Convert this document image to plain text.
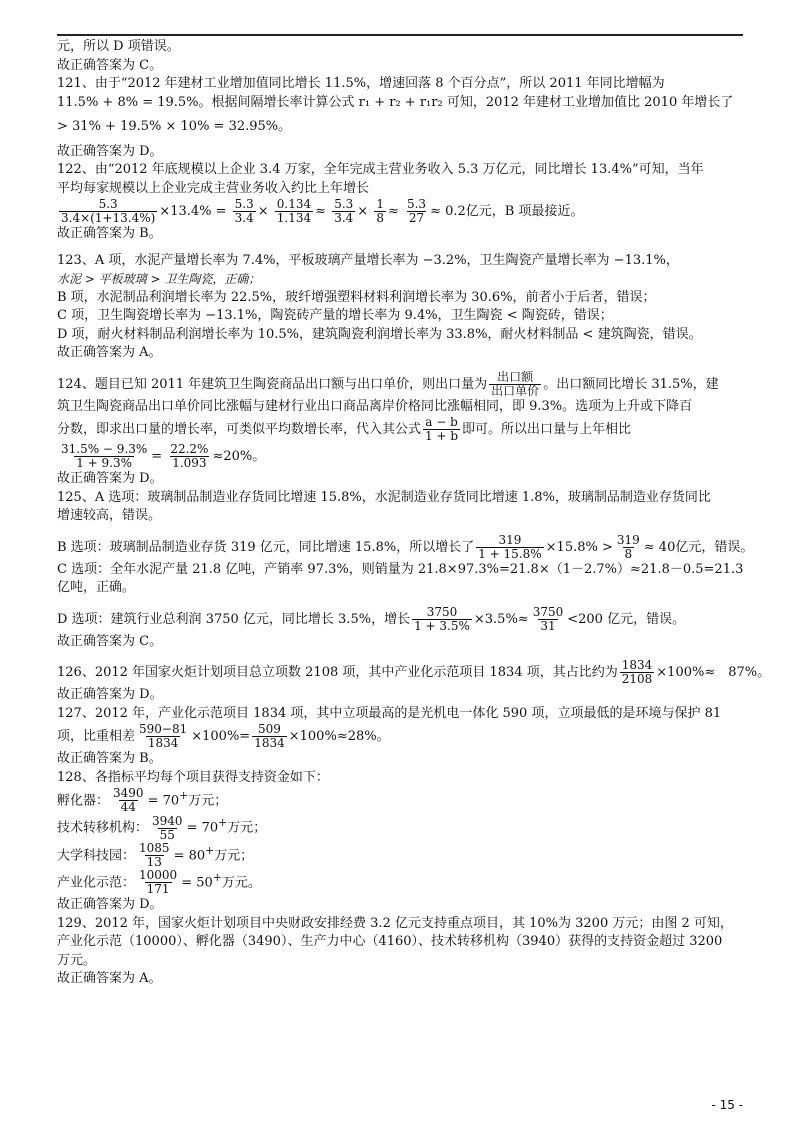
元，所以 D 项错误。

故正确答案为 C。

121、由于“2012 年建材工业增加值同比增长 11.5%，增速回落 8 个百分点”，所以 2011 年同比增幅为

11.5% + 8% = 19.5%。根据间隔增长率计算公式 r₁ + r₂ + r₁r₂ 可知，2012 年建材工业增加值比 2010 年增长了

> 31% + 19.5% × 10% = 32.95%。

故正确答案为 D。

122、由“2012 年底规模以上企业 3.4 万家，全年完成主营业务收入 5.3 万亿元，同比增长 13.4%”可知，当年

平均每家规模以上企业完成主营业务收入约比上年增长

$\frac{5.3}{3.4\times(1+13.4\%)} \times 13.4\% = \frac{5.3}{3.4} \times \frac{0.134}{1.134} \approx \frac{5.3}{3.4} \times \frac{1}{8} \approx \frac{5.3}{27} \approx 0.2$亿元，B 项最接近。

故正确答案为 B。

123、A 项，水泥产量增长率为 7.4%，平板玻璃产量增长率为 −3.2%，卫生陶瓷产量增长率为 −13.1%，

水泥 > 平板玻璃 > 卫生陶瓷，正确；

B 项，水泥制品利润增长率为 22.5%，玻纤增强塑料材料利润增长率为 30.6%，前者小于后者，错误；

C 项，卫生陶瓷增长率为 −13.1%，陶瓷砖产量的增长率为 9.4%，卫生陶瓷 < 陶瓷砖，错误；

D 项，耐火材料制品利润增长率为 10.5%，建筑陶瓷利润增长率为 33.8%，耐火材料制品 < 建筑陶瓷，错误。

故正确答案为 A。

124、题目已知 2011 年建筑卫生陶瓷商品出口额与出口单价，则出口量为 $\frac{\text{出口额}}{\text{出口单价}}$ 。出口额同比增长 31.5%，建

筑卫生陶瓷商品出口单价同比涨幅与建材行业出口商品离岸价格同比涨幅相同，即 9.3%。选项为上升或下降百

分数，即求出口量的增长率，可类似平均数增长率，代入其公式 $\frac{a - b}{1 + b}$ 即可。所以出口量与上年相比

$\frac{31.5\% - 9.3\%}{1 + 9.3\%} = \frac{22.2\%}{1.093} \approx 20\%$。

故正确答案为 D。

125、A 选项：玻璃制品制造业存货同比增速 15.8%，水泥制造业存货同比增速 1.8%，玻璃制品制造业存货同比

增速较高，错误。

B 选项：玻璃制品制造业存货 319 亿元，同比增速 15.8%，所以增长了 $\frac{319}{1 + 15.8\%} \times 15.8\% > \frac{319}{8} \approx 40$亿元，错误。

C 选项：全年水泥产量 21.8 亿吨，产销率 97.3%，则销量为 21.8×97.3%=21.8×（1－2.7%）≈21.8－0.5=21.3

亿吨，正确。

D 选项：建筑行业总利润 3750 亿元，同比增长 3.5%，增长 $\frac{3750}{1 + 3.5\%} \times 3.5\%\approx \frac{3750}{31} <200$ 亿元，错误。

故正确答案为 C。

126、2012 年国家火炬计划项目总立项数 2108 项，其中产业化示范项目 1834 项，其占比约为 $\frac{1834}{2108} \times 100\%\approx$　87%。

故正确答案为 D。

127、2012 年，产业化示范项目 1834 项，其中立项最高的是光机电一体化 590 项，立项最低的是环境与保护 81

项，比重相差 $\frac{590-81}{1834} \times 100\%= \frac{509}{1834} \times 100\%\approx 28\%$。

故正确答案为 B。

128、各指标平均每个项目获得支持资金如下：

孵化器： $\frac{3490}{44} = 70^+$万元；

技术转移机构： $\frac{3940}{55} = 70^+$万元；

大学科技园： $\frac{1085}{13} = 80^+$万元；

产业化示范： $\frac{10000}{171} = 50^+$万元。

故正确答案为 D。

129、2012 年，国家火炬计划项目中央财政安排经费 3.2 亿元支持重点项目，其 10%为 3200 万元；由图 2 可知，

产业化示范（10000）、孵化器（3490）、生产力中心（4160）、技术转移机构（3940）获得的支持资金超过 3200

万元。

故正确答案为 A。

- 15 -
